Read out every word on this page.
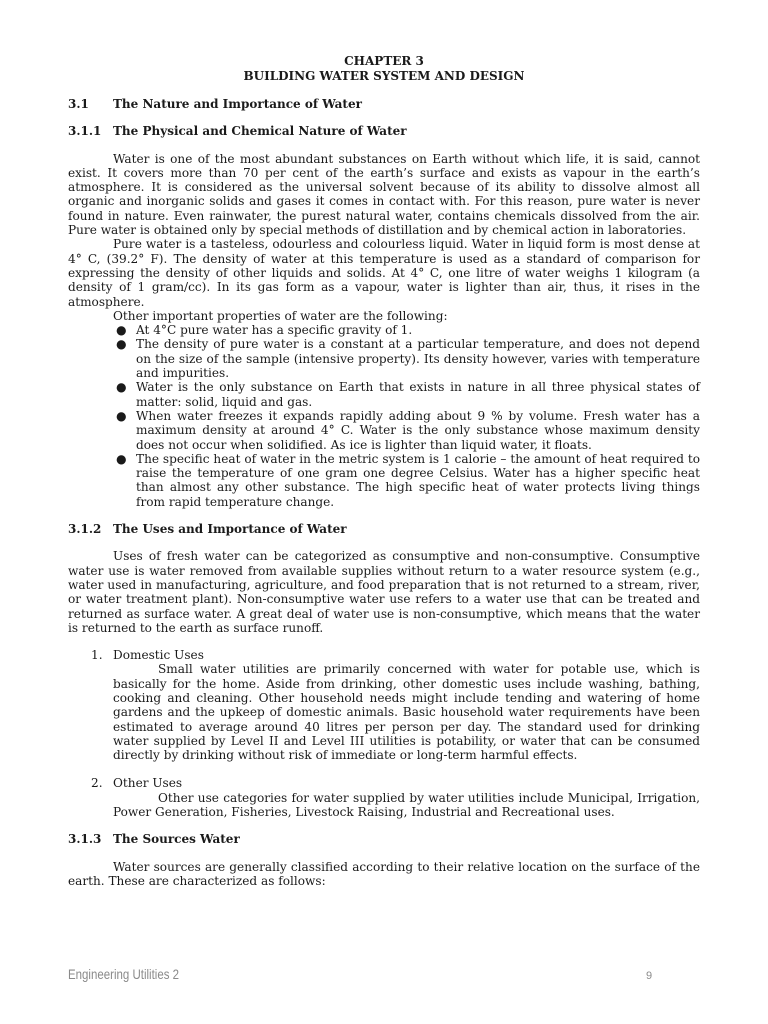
CHAPTER 3

BUILDING WATER SYSTEM AND DESIGN

3.1	The Nature and Importance of Water
3.1.1 The Physical and Chemical Nature of Water

Water is one of the most abundant substances on Earth without which life, it is said, cannot exist. It covers more than 70 per cent of the earth’s surface and exists as vapour in the earth’s atmosphere. It is considered as the universal solvent because of its ability to dissolve almost all organic and inorganic solids and gases it comes in contact with. For this reason, pure water is never found in nature. Even rainwater, the purest natural water, contains chemicals dissolved from the air. Pure water is obtained only by special methods of distillation and by chemical action in laboratories.

Pure water is a tasteless, odourless and colourless liquid. Water in liquid form is most dense at 4° C, (39.2° F). The density of water at this temperature is used as a standard of comparison for expressing the density of other liquids and solids. At 4° C, one litre of water weighs 1 kilogram (a density of 1 gram/cc). In its gas form as a vapour, water is lighter than air, thus, it rises in the atmosphere.

Other important properties of water are the following:

● At 4°C pure water has a specific gravity of 1.
● The density of pure water is a constant at a particular temperature, and does not depend on the size of the sample (intensive property). Its density however, varies with temperature and impurities.
● Water is the only substance on Earth that exists in nature in all three physical states of matter: solid, liquid and gas.
● When water freezes it expands rapidly adding about 9 % by volume. Fresh water has a maximum density at around 4° C. Water is the only substance whose maximum density does not occur when solidified. As ice is lighter than liquid water, it floats.
● The specific heat of water in the metric system is 1 calorie – the amount of heat required to raise the temperature of one gram one degree Celsius. Water has a higher specific heat than almost any other substance. The high specific heat of water protects living things from rapid temperature change.
3.1.2 The Uses and Importance of Water

Uses of fresh water can be categorized as consumptive and non-consumptive. Consumptive water use is water removed from available supplies without return to a water resource system (e.g., water used in manufacturing, agriculture, and food preparation that is not returned to a stream, river, or water treatment plant). Non-consumptive water use refers to a water use that can be treated and returned as surface water. A great deal of water use is non-consumptive, which means that the water is returned to the earth as surface runoff.

1. Domestic Uses

Small water utilities are primarily concerned with water for potable use, which is basically for the home. Aside from drinking, other domestic uses include washing, bathing, cooking and cleaning. Other household needs might include tending and watering of home gardens and the upkeep of domestic animals. Basic household water requirements have been estimated to average around 40 litres per person per day. The standard used for drinking water supplied by Level II and Level III utilities is potability, or water that can be consumed directly by drinking without risk of immediate or long-term harmful effects.

2. Other Uses

Other use categories for water supplied by water utilities include Municipal, Irrigation, Power Generation, Fisheries, Livestock Raising, Industrial and Recreational uses.

3.1.3 The Sources Water

Water sources are generally classified according to their relative location on the surface of the earth. These are characterized as follows:

Engineering Utilities 2	9
